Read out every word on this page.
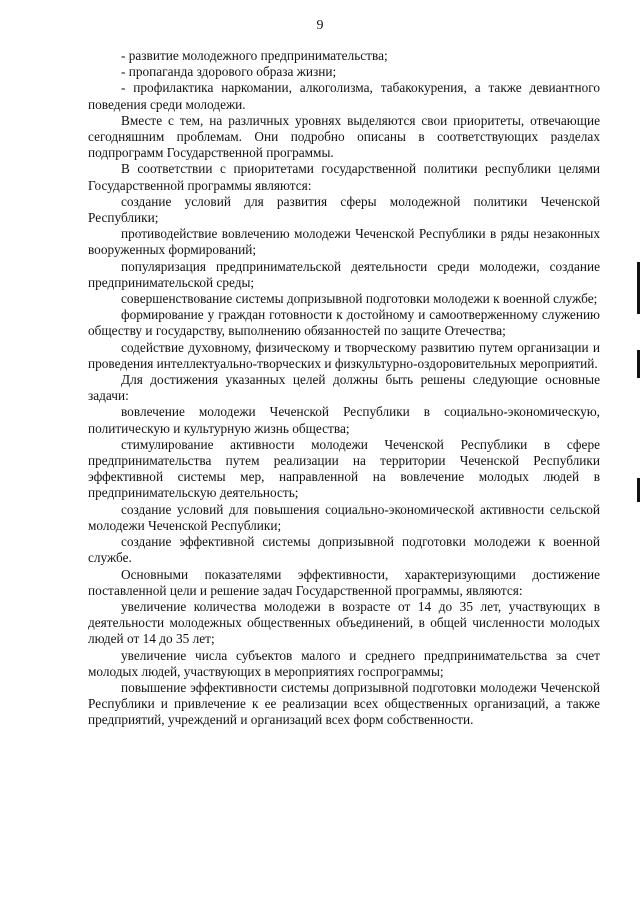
9

- развитие молодежного предпринимательства;

- пропаганда здорового образа жизни;

- профилактика наркомании, алкоголизма, табакокурения, а также девиантного поведения среди молодежи.

Вместе с тем, на различных уровнях выделяются свои приоритеты, отвечающие сегодняшним проблемам. Они подробно описаны в соответствующих разделах подпрограмм Государственной программы.

В соответствии с приоритетами государственной политики республики целями Государственной программы являются:

создание условий для развития сферы молодежной политики Чеченской Республики;

противодействие вовлечению молодежи Чеченской Республики в ряды незаконных вооруженных формирований;

популяризация предпринимательской деятельности среди молодежи, создание предпринимательской среды;

совершенствование системы допризывной подготовки молодежи к военной службе;

формирование у граждан готовности к достойному и самоотверженному служению обществу и государству, выполнению обязанностей по защите Отечества;

содействие духовному, физическому и творческому развитию путем организации и проведения интеллектуально-творческих и физкультурно-оздоровительных мероприятий.

Для достижения указанных целей должны быть решены следующие основные задачи:

вовлечение молодежи Чеченской Республики в социально-экономическую, политическую и культурную жизнь общества;

стимулирование активности молодежи Чеченской Республики в сфере предпринимательства путем реализации на территории Чеченской Республики эффективной системы мер, направленной на вовлечение молодых людей в предпринимательскую деятельность;

создание условий для повышения социально-экономической активности сельской молодежи Чеченской Республики;

создание эффективной системы допризывной подготовки молодежи к военной службе.

Основными показателями эффективности, характеризующими достижение поставленной цели и решение задач Государственной программы, являются:

увеличение количества молодежи в возрасте от 14 до 35 лет, участвующих в деятельности молодежных общественных объединений, в общей численности молодых людей от 14 до 35 лет;

увеличение числа субъектов малого и среднего предпринимательства за счет молодых людей, участвующих в мероприятиях госпрограммы;

повышение эффективности системы допризывной подготовки молодежи Чеченской Республики и привлечение к ее реализации всех общественных организаций, а также предприятий, учреждений и организаций всех форм собственности.
